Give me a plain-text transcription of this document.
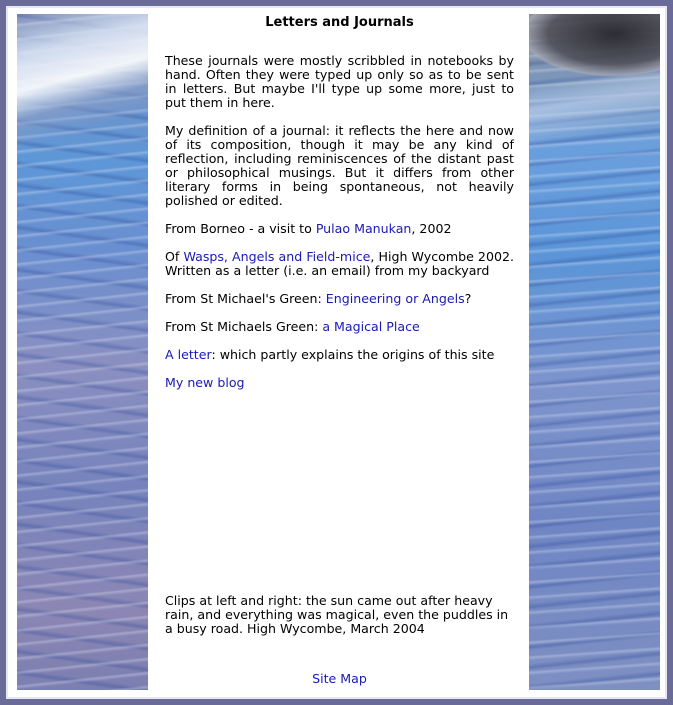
Letters and Journals

These journals were mostly scribbled in notebooks by hand. Often they were typed up only so as to be sent in letters. But maybe I'll type up some more, just to put them in here.

My definition of a journal: it reflects the here and now of its composition, though it may be any kind of reflection, including reminiscences of the distant past or philosophical musings. But it differs from other literary forms in being spontaneous, not heavily polished or edited.

From Borneo - a visit to Pulao Manukan, 2002

Of Wasps, Angels and Field-mice, High Wycombe 2002. Written as a letter (i.e. an email) from my backyard

From St Michael's Green: Engineering or Angels?

From St Michaels Green: a Magical Place

A letter: which partly explains the origins of this site

My new blog

Clips at left and right: the sun came out after heavy rain, and everything was magical, even the puddles in a busy road. High Wycombe, March 2004

Site Map
